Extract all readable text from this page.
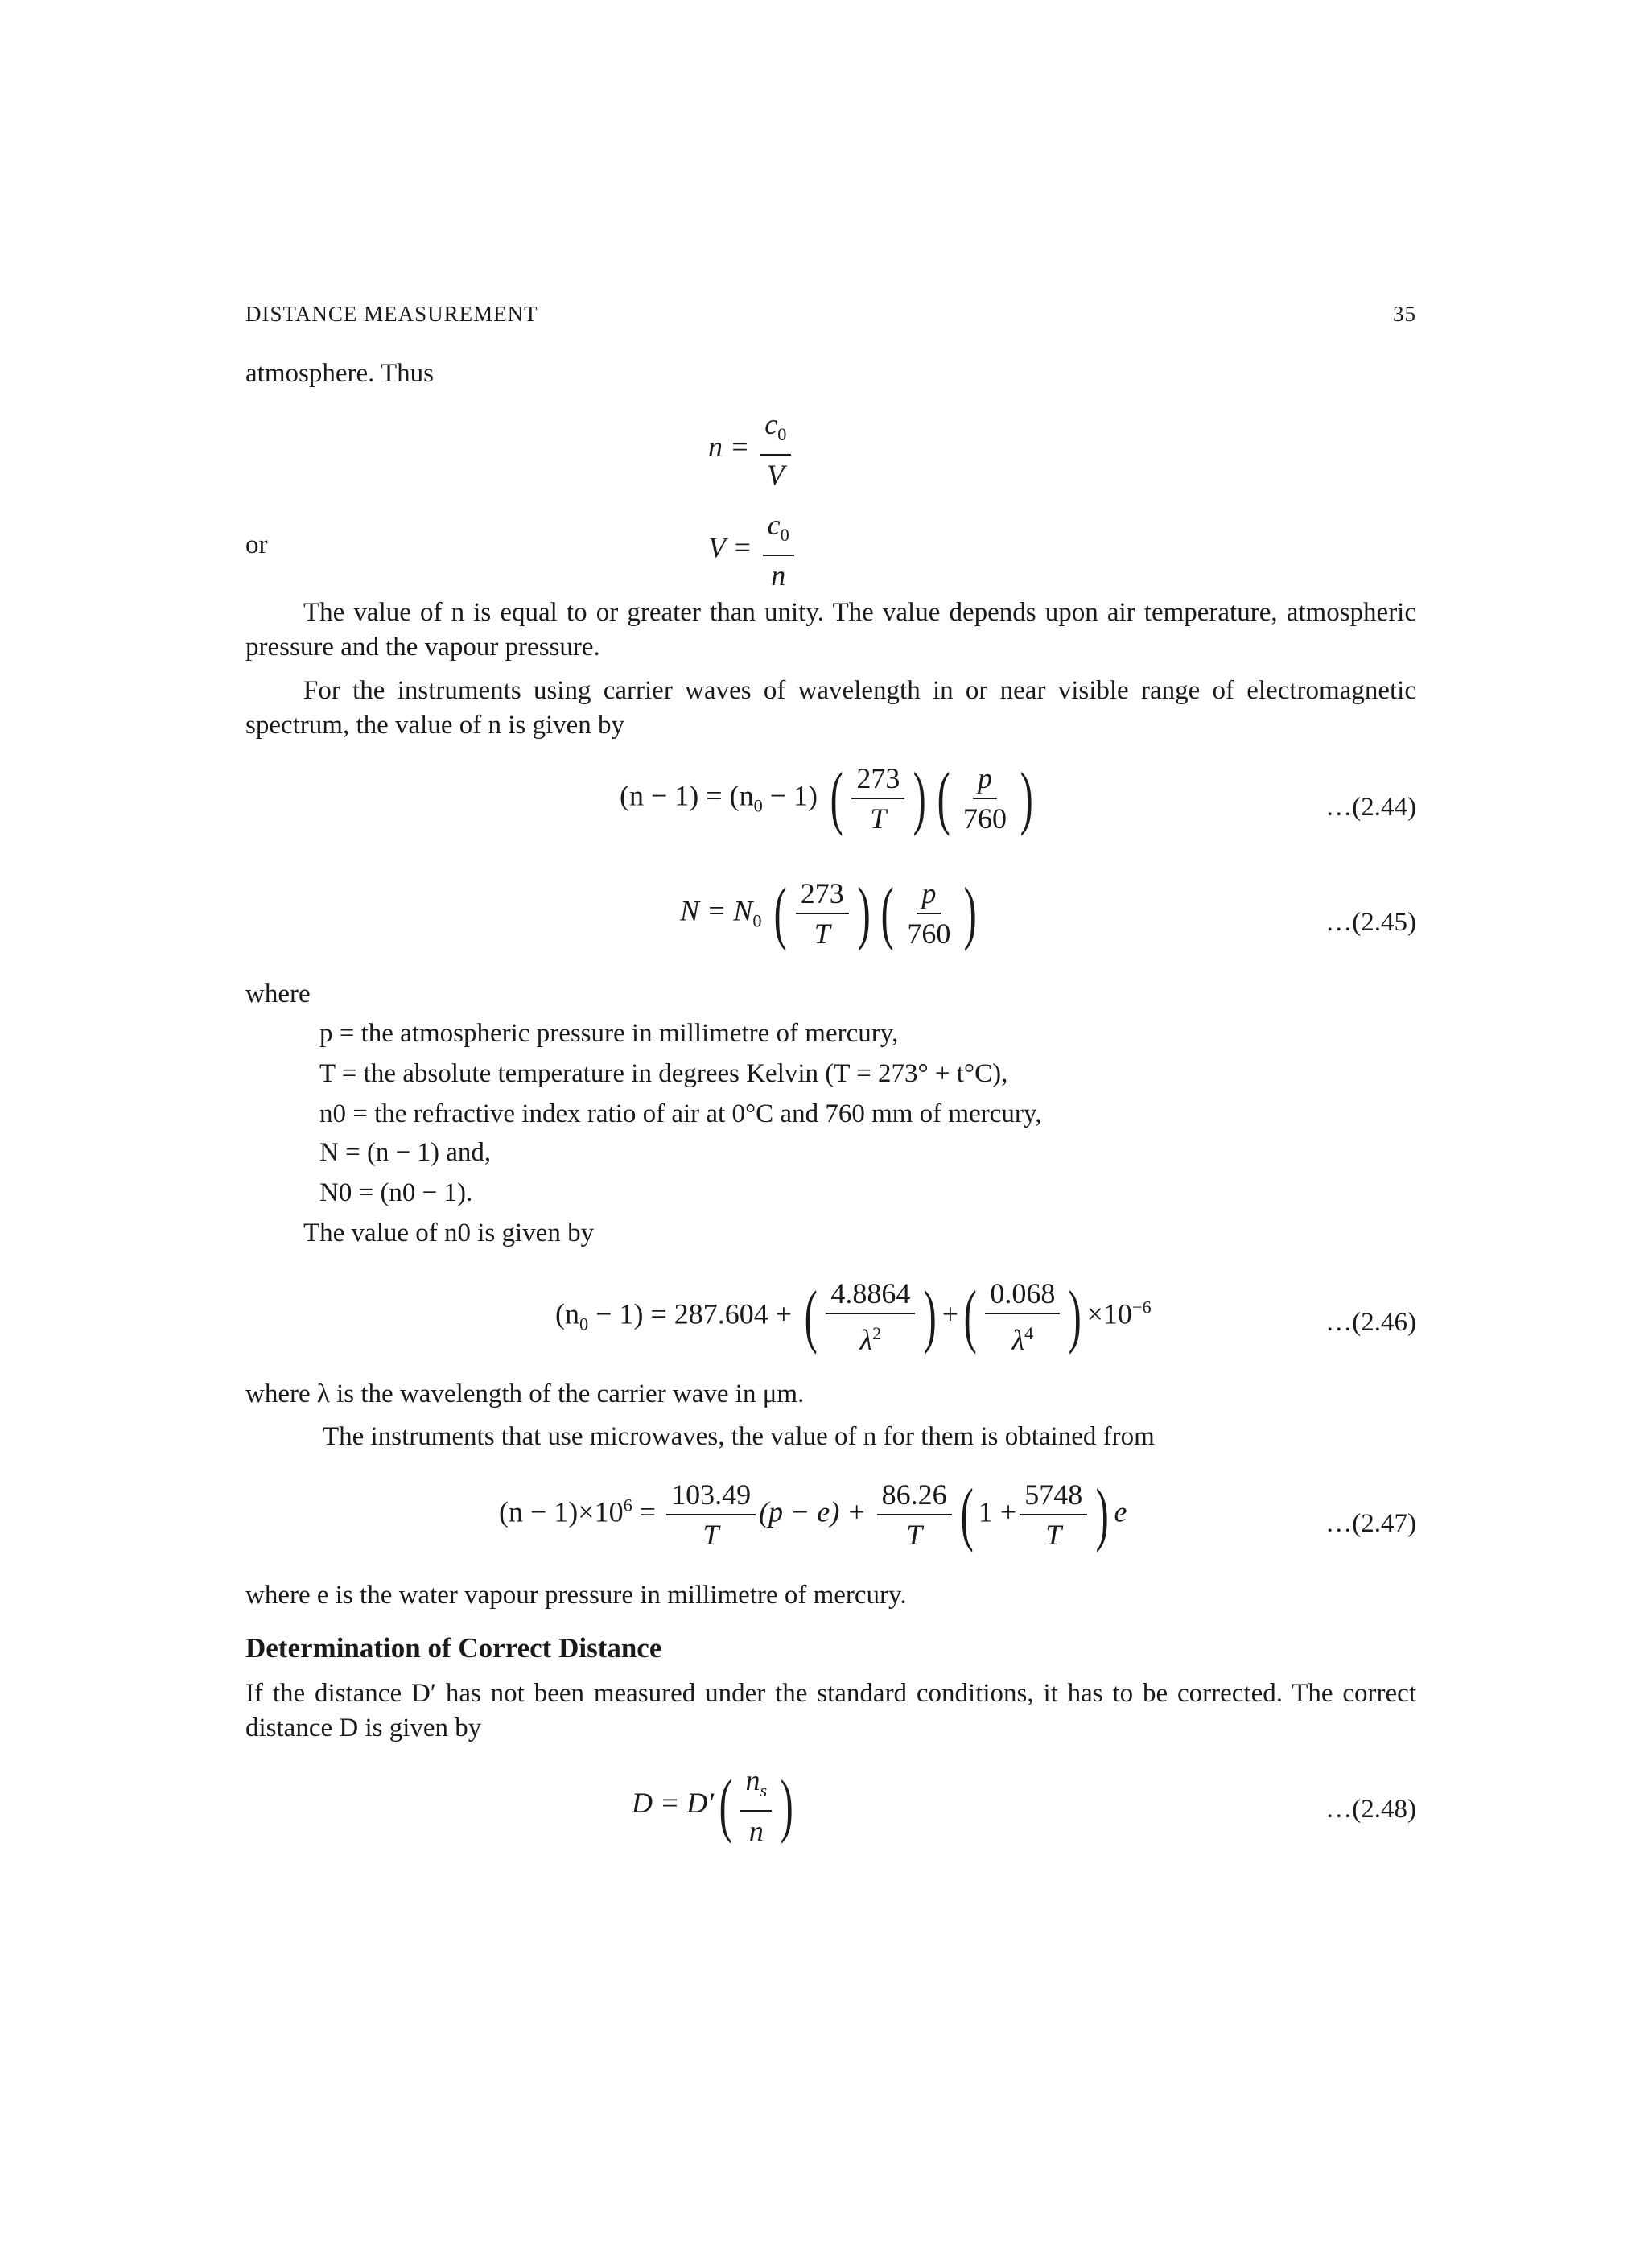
DISTANCE MEASUREMENT	35
atmosphere. Thus
$n = \frac{c_0}{V}$
or	$V = \frac{c_0}{n}$
The value of n is equal to or greater than unity. The value depends upon air temperature, atmospheric pressure and the vapour pressure.
For the instruments using carrier waves of wavelength in or near visible range of electromagnetic spectrum, the value of n is given by
$(n - 1) = (n_0 - 1)$ ( $\frac{273}{T}$ ) ( $\frac{p}{760}$ )	…(2.44)
$N = N_0$ ( $\frac{273}{T}$ ) ( $\frac{p}{760}$ )	…(2.45)
where
p = the atmospheric pressure in millimetre of mercury,
T = the absolute temperature in degrees Kelvin (T = 273° + t°C),
n0 = the refractive index ratio of air at 0°C and 760 mm of mercury,
N = (n − 1) and,
N0 = (n0 − 1).
The value of n0 is given by
$(n_0 - 1) = 287.604$ + ( $\frac{4.8864}{\lambda^2}$ ) +( $\frac{0.068}{\lambda^4}$ ) $\times 10^{-6}$
…(2.46)
where λ is the wavelength of the carrier wave in μm.
The instruments that use microwaves, the value of n for them is obtained from
$(n - 1)\times 10^6 = \frac{103.49}{T} (p - e) + \frac{86.26}{T}$ ( $1 + \frac{5748}{T}$ ) e	…(2.47)
where e is the water vapour pressure in millimetre of mercury.
Determination of Correct Distance
If the distance D′ has not been measured under the standard conditions, it has to be corrected. The correct distance D is given by
$D = D'( \frac{n_s}{n}$ )	…(2.48)
